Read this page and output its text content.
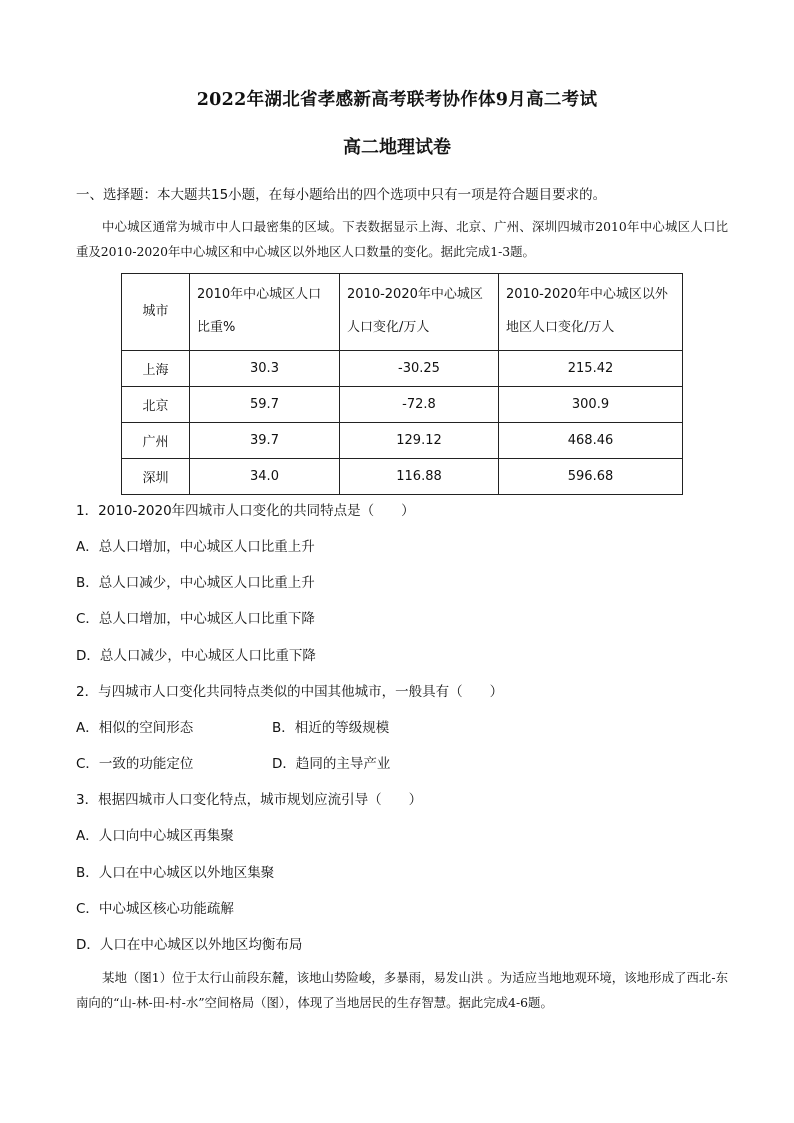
2022年湖北省孝感新高考联考协作体9月高二考试
高二地理试卷
一、选择题：本大题共15小题，在每小题给出的四个选项中只有一项是符合题目要求的。
中心城区通常为城市中人口最密集的区域。下表数据显示上海、北京、广州、深圳四城市2010年中心城区人口比重及2010-2020年中心城区和中心城区以外地区人口数量的变化。据此完成1-3题。
城市	2010年中心城区人口比重%	2010-2020年中心城区人口变化/万人	2010-2020年中心城区以外地区人口变化/万人
上海	30.3	-30.25	215.42
北京	59.7	-72.8	300.9
广州	39.7	129.12	468.46
深圳	34.0	116.88	596.68
1．2010-2020年四城市人口变化的共同特点是（　　）
A．总人口增加，中心城区人口比重上升
B．总人口减少，中心城区人口比重上升
C．总人口增加，中心城区人口比重下降
D．总人口减少，中心城区人口比重下降
2．与四城市人口变化共同特点类似的中国其他城市，一般具有（　　）
A．相似的空间形态	B．相近的等级规模
C．一致的功能定位	D．趋同的主导产业
3．根据四城市人口变化特点，城市规划应流引导（　　）
A．人口向中心城区再集聚
B．人口在中心城区以外地区集聚
C．中心城区核心功能疏解
D．人口在中心城区以外地区均衡布局
某地（图1）位于太行山前段东麓，该地山势险峻，多暴雨，易发山洪 。为适应当地地观环境，该地形成了西北-东南向的“山-林-田-村-水”空间格局（图），体现了当地居民的生存智慧。据此完成4-6题。
